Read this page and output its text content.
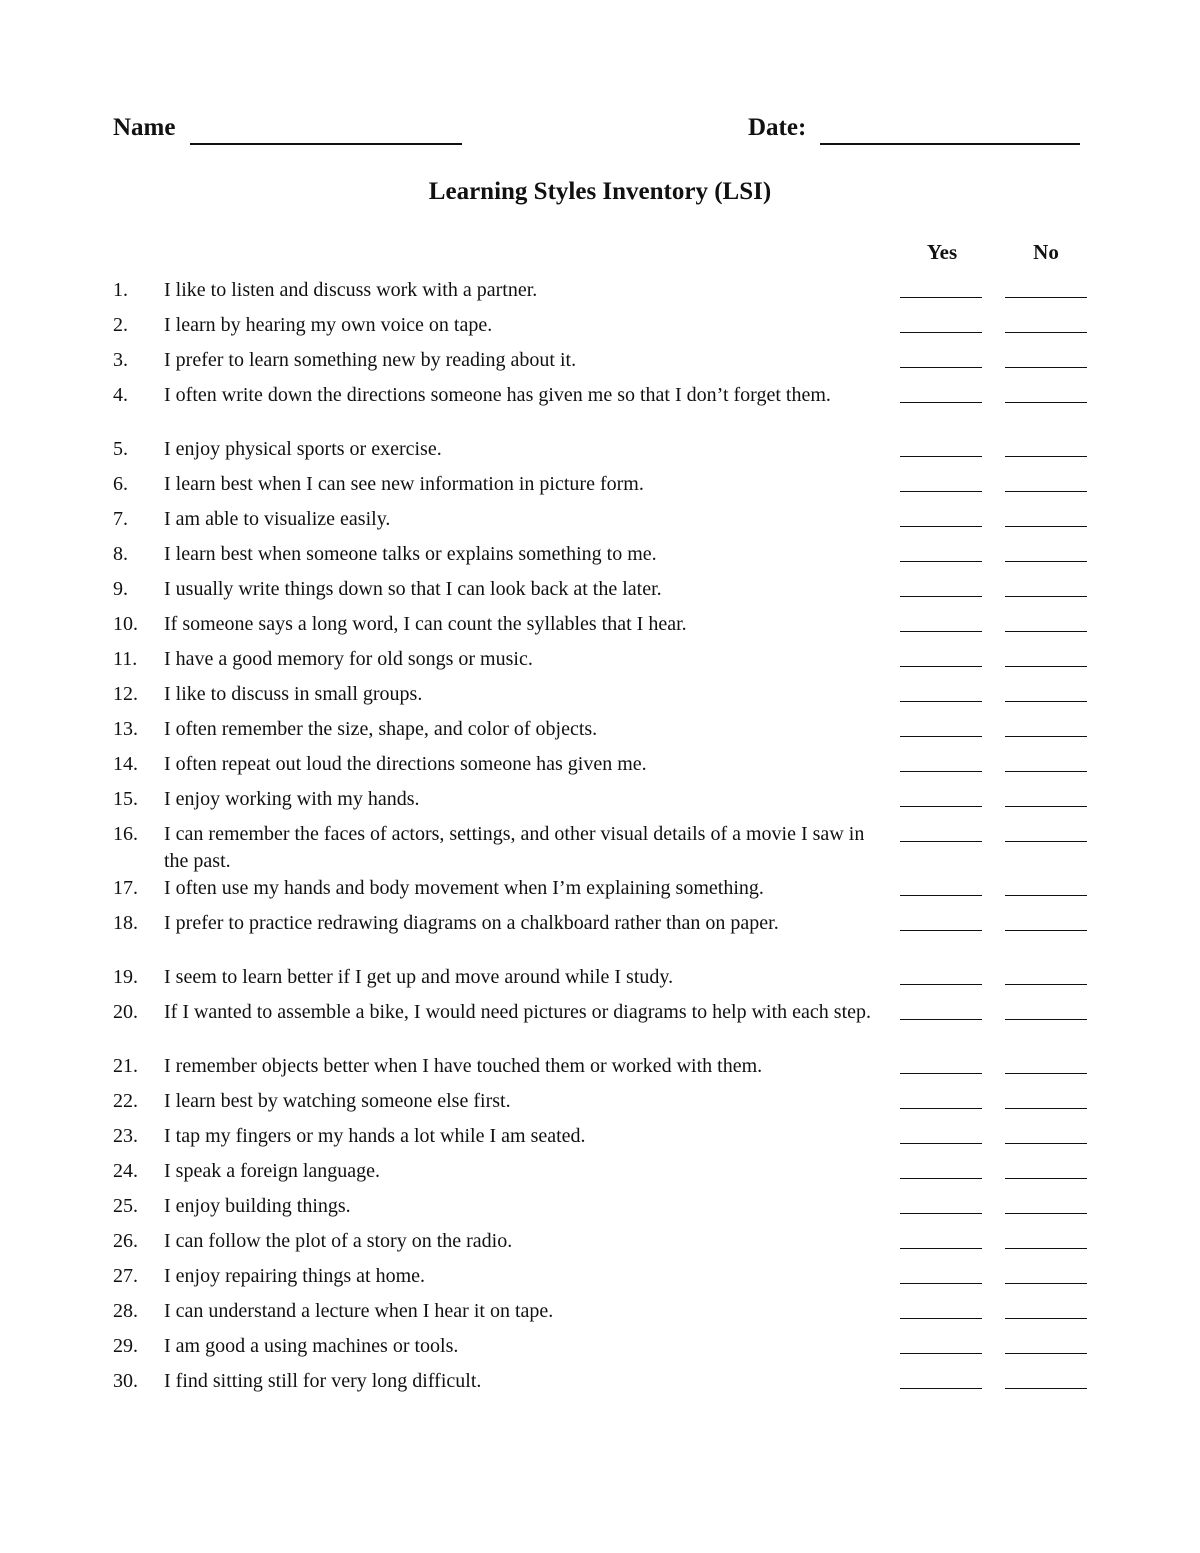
Name	Date:
Learning Styles Inventory (LSI)
Yes	No
1. I like to listen and discuss work with a partner.
2. I learn by hearing my own voice on tape.
3. I prefer to learn something new by reading about it.
4. I often write down the directions someone has given me so that I don’t forget them.
5. I enjoy physical sports or exercise.
6. I learn best when I can see new information in picture form.
7. I am able to visualize easily.
8. I learn best when someone talks or explains something to me.
9. I usually write things down so that I can look back at the later.
10. If someone says a long word, I can count the syllables that I hear.
11. I have a good memory for old songs or music.
12. I like to discuss in small groups.
13. I often remember the size, shape, and color of objects.
14. I often repeat out loud the directions someone has given me.
15. I enjoy working with my hands.
16. I can remember the faces of actors, settings, and other visual details of a movie I saw in the past.
17. I often use my hands and body movement when I’m explaining something.
18. I prefer to practice redrawing diagrams on a chalkboard rather than on paper.
19. I seem to learn better if I get up and move around while I study.
20. If I wanted to assemble a bike, I would need pictures or diagrams to help with each step.
21. I remember objects better when I have touched them or worked with them.
22. I learn best by watching someone else first.
23. I tap my fingers or my hands a lot while I am seated.
24. I speak a foreign language.
25. I enjoy building things.
26. I can follow the plot of a story on the radio.
27. I enjoy repairing things at home.
28. I can understand a lecture when I hear it on tape.
29. I am good a using machines or tools.
30. I find sitting still for very long difficult.
